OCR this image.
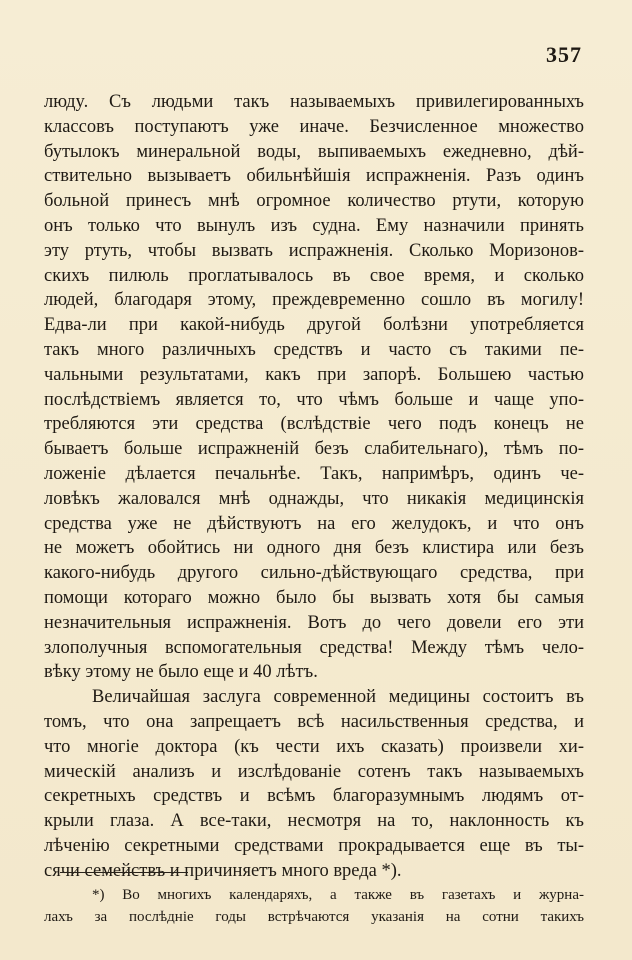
357
людy. Съ людьми такъ называемыхъ привилегированныхъ
классовъ поступаютъ уже иначе. Безчисленное множество
бутылокъ минеральной воды, выпиваемыхъ ежедневно, дѣй-
ствительно вызываетъ обильнѣйшія испражненія. Разъ одинъ
больной принесъ мнѣ огромное количество ртути, которую
онъ только что вынулъ изъ судна. Ему назначили принять
эту ртуть, чтобы вызвать испражненія. Сколько Моризонов-
скихъ пилюль проглатывалось въ свое время, и сколько
людей, благодаря этому, преждевременно сошло въ могилу!
Едва-ли при какой-нибудь другой болѣзни употребляется
такъ много различныхъ средствъ и часто съ такими пе-
чальными результатами, какъ при запорѣ. Большею частью
послѣдствіемъ является то, что чѣмъ больше и чаще упо-
требляются эти средства (вслѣдствіе чего подъ конецъ не
бываетъ больше испражненій безъ слабительнаго), тѣмъ по-
ложеніе дѣлается печальнѣе. Такъ, напримѣръ, одинъ че-
ловѣкъ жаловался мнѣ однажды, что никакія медицинскія
средства уже не дѣйствуютъ на его желудокъ, и что онъ
не можетъ обойтись ни одного дня безъ клистира или безъ
какого-нибудь другого сильно-дѣйствующаго средства, при
помощи котораго можно было бы вызвать хотя бы самыя
незначительныя испражненія. Вотъ до чего довели его эти
злополучныя вспомогательныя средства! Между тѣмъ чело-
вѣку этому не было еще и 40 лѣтъ.
Величайшая заслуга современной медицины состоитъ въ
томъ, что она запрещаетъ всѣ насильственныя средства, и
что многіе доктора (къ чести ихъ сказать) произвели хи-
мическій анализъ и изслѣдованіе сотенъ такъ называемыхъ
секретныхъ средствъ и всѣмъ благоразумнымъ людямъ от-
крыли глаза. А все-таки, несмотря на то, наклонность къ
лѣченію секретными средствами прокрадывается еще въ ты-
сячи семействъ и причиняетъ много вреда *).
*) Во многихъ календаряхъ, а также въ газетахъ и журна-
лахъ за послѣдніе годы встрѣчаются указанія на сотни такихъ
